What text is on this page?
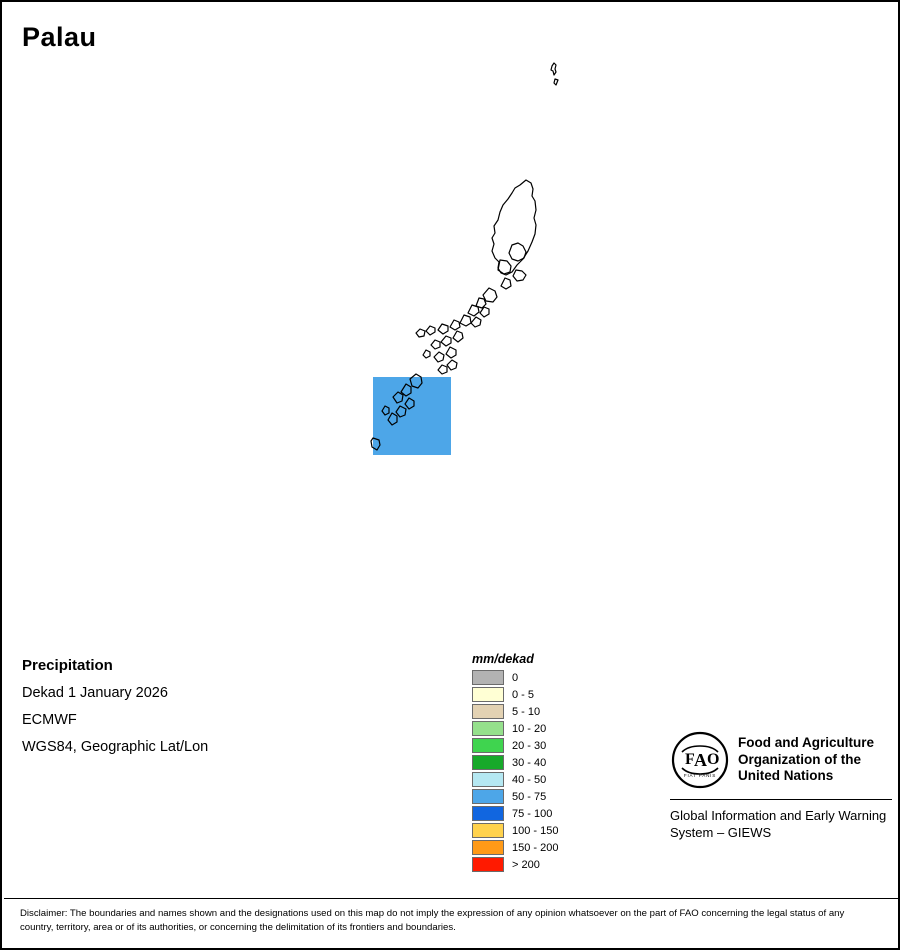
Palau
Precipitation
Dekad 1 January 2026
ECMWF
WGS84, Geographic Lat/Lon
mm/dekad
0
0 - 5
5 - 10
10 - 20
20 - 30
30 - 40
40 - 50
50 - 75
75 - 100
100 - 150
150 - 200
> 200
F A O
FIAT PANIS
Food and Agriculture Organization of the United Nations
Global Information and Early Warning System – GIEWS
Disclaimer: The boundaries and names shown and the designations used on this map do not imply the expression of any opinion whatsoever on the part of FAO concerning the legal status of any country, territory, area or of its authorities, or concerning the delimitation of its frontiers and boundaries.
